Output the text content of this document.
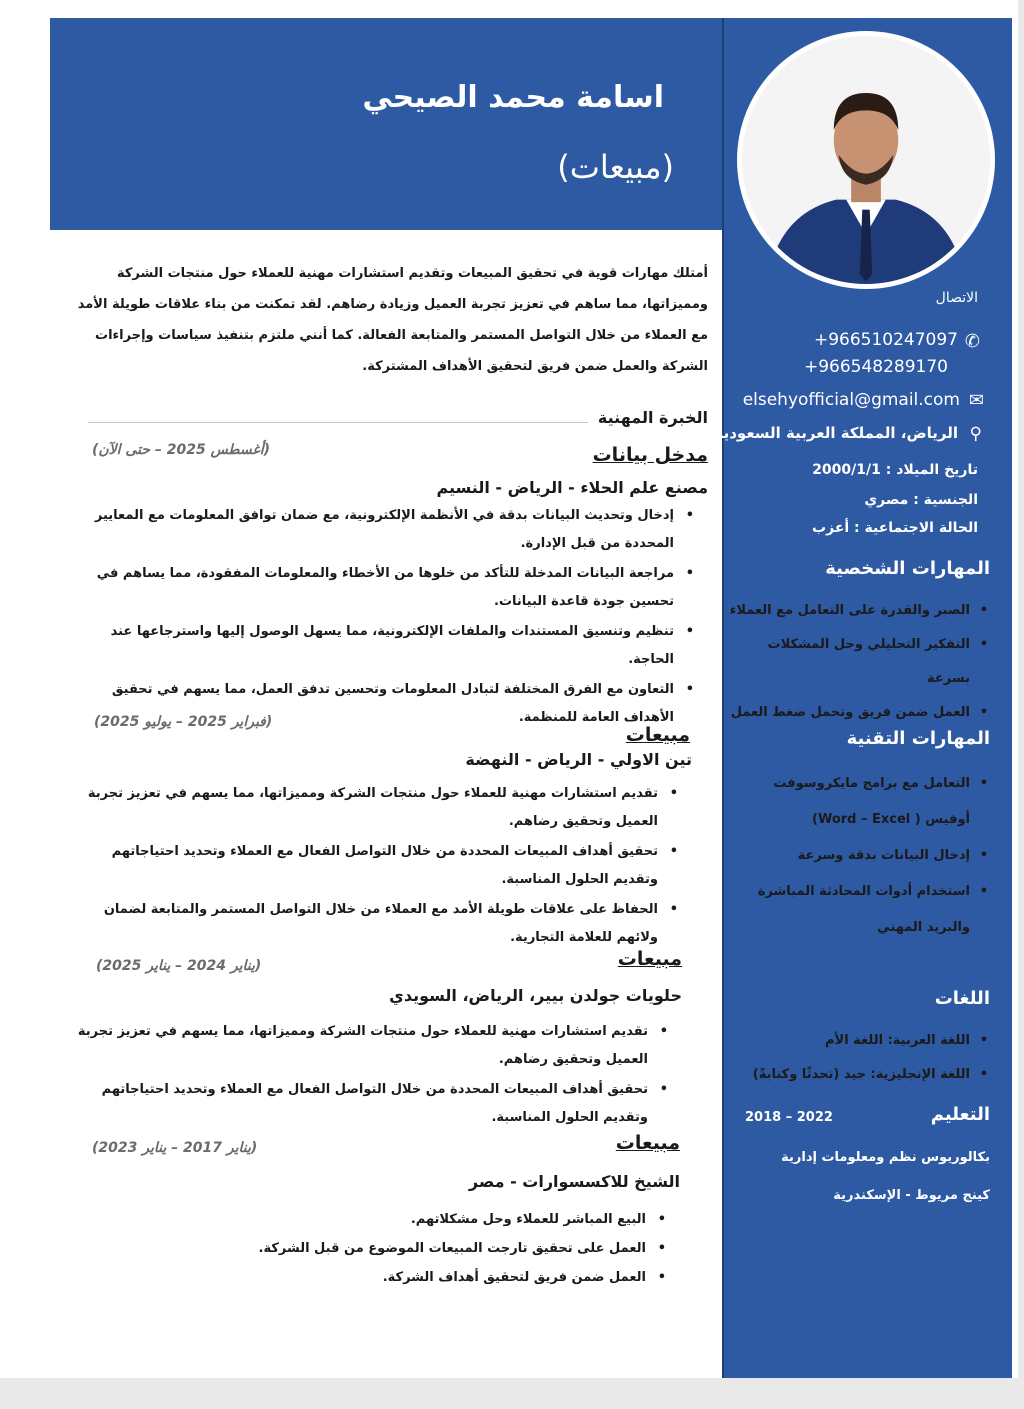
اسامة محمد الصيحي
(مبيعات)
الاتصال
✆
+966510247097
+966548289170
✉
elsehyofficial@gmail.com
⚲
الرياض، المملكة العربية السعودية
تاريخ الميلاد : 2000/1/1
الجنسية : مصري
الحالة الاجتماعية : أعزب
المهارات الشخصية
• الصبر والقدرة على التعامل مع العملاء
• التفكير التحليلي وحل المشكلات بسرعة
• العمل ضمن فريق وتحمل ضغط العمل
المهارات التقنية
• التعامل مع برامج مايكروسوفت أوفيس ( Word – Excel)
• إدخال البيانات بدقة وسرعة
• استخدام أدوات المحادثة المباشرة والبريد المهني
اللغات
• اللغة العربية: اللغة الأم
• اللغة الإنجليزية: جيد (تحدثًا وكتابةً)
التعليم
2018 – 2022
بكالوريوس نظم ومعلومات إدارية
كينج مريوط - الإسكندرية
أمتلك مهارات قوية في تحقيق المبيعات وتقديم استشارات مهنية للعملاء حول منتجات الشركة ومميزاتها، مما ساهم في تعزيز تجربة العميل وزيادة رضاهم. لقد تمكنت من بناء علاقات طويلة الأمد مع العملاء من خلال التواصل المستمر والمتابعة الفعالة. كما أنني ملتزم بتنفيذ سياسات وإجراءات الشركة والعمل ضمن فريق لتحقيق الأهداف المشتركة.
الخبرة المهنية
مدخل بيانات
(أغسطس 2025 – حتى الآن)
مصنع علم الحلاء - الرياض - النسيم
• إدخال وتحديث البيانات بدقة في الأنظمة الإلكترونية، مع ضمان توافق المعلومات مع المعايير المحددة من قبل الإدارة.
• مراجعة البيانات المدخلة للتأكد من خلوها من الأخطاء والمعلومات المفقودة، مما يساهم في تحسين جودة قاعدة البيانات.
• تنظيم وتنسيق المستندات والملفات الإلكترونية، مما يسهل الوصول إليها واسترجاعها عند الحاجة.
• التعاون مع الفرق المختلفة لتبادل المعلومات وتحسين تدفق العمل، مما يسهم في تحقيق الأهداف العامة للمنظمة.
(فبراير 2025 – يوليو 2025)
مبيعات
تين الاولي - الرياض - النهضة
• تقديم استشارات مهنية للعملاء حول منتجات الشركة ومميزاتها، مما يسهم في تعزيز تجربة العميل وتحقيق رضاهم.
• تحقيق أهداف المبيعات المحددة من خلال التواصل الفعال مع العملاء وتحديد احتياجاتهم وتقديم الحلول المناسبة.
• الحفاظ على علاقات طويلة الأمد مع العملاء من خلال التواصل المستمر والمتابعة لضمان ولائهم للعلامة التجارية.
(يناير 2024 – يناير 2025)	مبيعات
حلويات جولدن بيير، الرياض، السويدي
• تقديم استشارات مهنية للعملاء حول منتجات الشركة ومميزاتها، مما يسهم في تعزيز تجربة العميل وتحقيق رضاهم.
• تحقيق أهداف المبيعات المحددة من خلال التواصل الفعال مع العملاء وتحديد احتياجاتهم وتقديم الحلول المناسبة.
(يناير 2017 – يناير 2023)	مبيعات
الشيخ للاكسسوارات - مصر
• البيع المباشر للعملاء وحل مشكلاتهم.
• العمل على تحقيق تارجت المبيعات الموضوع من قبل الشركة.
• العمل ضمن فريق لتحقيق أهداف الشركة.
